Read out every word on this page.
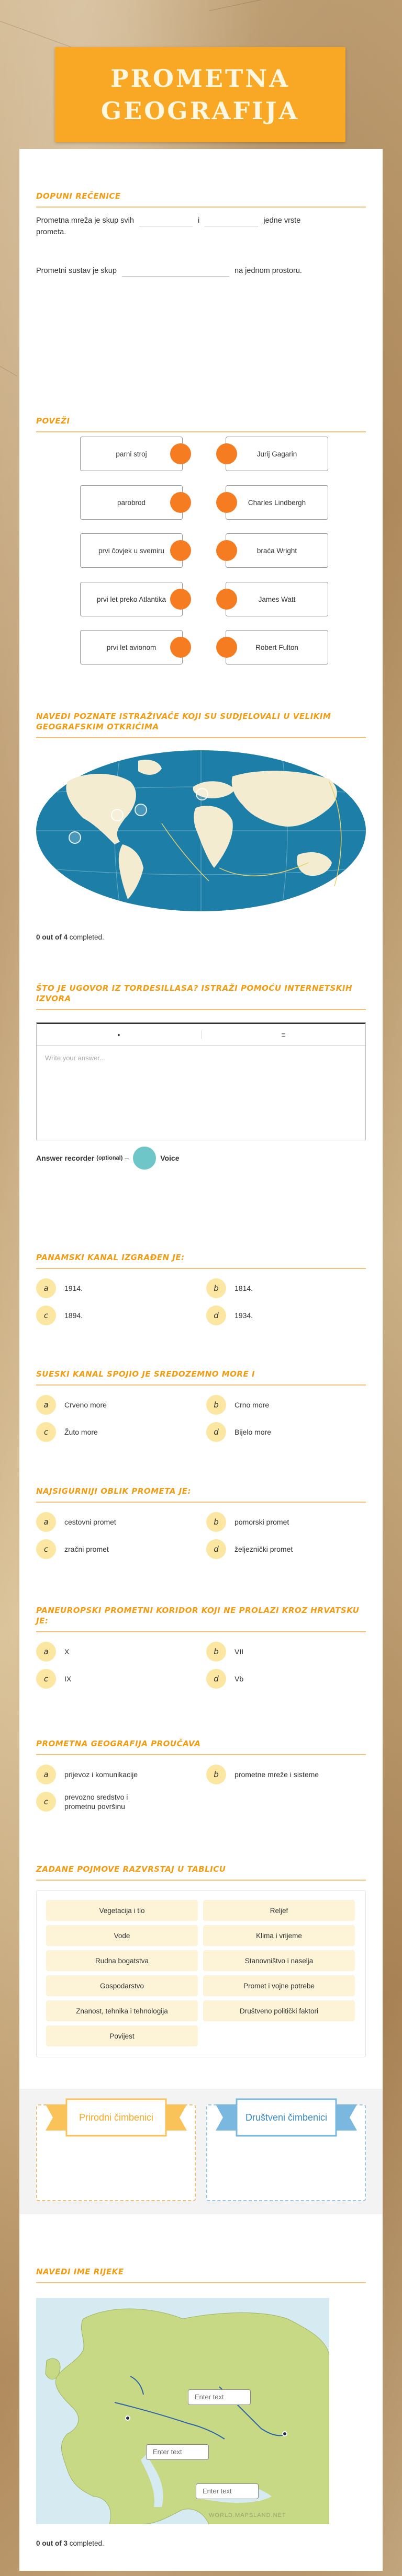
PROMETNA
GEOGRAFIJA
DOPUNI REČENICE
Prometna mreža je skup svih	i	jedne vrste
prometa.
Prometni sustav je skup	na jednom prostoru.
POVEŽI
parni stroj
parobrod
prvi čovjek u svemiru
prvi let preko Atlantika
prvi let avionom
Jurij Gagarin
Charles Lindbergh
braća Wright
James Watt
Robert Fulton
NAVEDI POZNATE ISTRAŽIVAČE KOJI SU SUDJELOVALI U VELIKIM GEOGRAFSKIM OTKRIĆIMA
0 out of 4 completed.
ŠTO JE UGOVOR IZ TORDESILLASA? ISTRAŽI POMOĆU INTERNETSKIH IZVORA
•	≡
Write your answer...
Answer recorder (optional) –	Voice
PANAMSKI KANAL IZGRAĐEN JE:
a	1914.	b	1814.
c	1894.	d	1934.
SUESKI KANAL SPOJIO JE SREDOZEMNO MORE I
a	Crveno more	b	Crno more
c	Žuto more	d	Bijelo more
NAJSIGURNIJI OBLIK PROMETA JE:
a	cestovni promet	b	pomorski promet
c	zračni promet	d	željeznički promet
PANEUROPSKI PROMETNI KORIDOR KOJI NE PROLAZI KROZ HRVATSKU JE:
a	X	b	VII
c	IX	d	Vb
PROMETNA GEOGRAFIJA PROUČAVA
a	prijevoz i komunikacije	b	prometne mreže i sisteme
c	prevozno sredstvo i prometnu površinu
ZADANE POJMOVE RAZVRSTAJ U TABLICU
Vegetacija i tlo	Reljef
Vode	Klima i vrijeme
Rudna bogatstva	Stanovništvo i naselja
Gospodarstvo	Promet i vojne potrebe
Znanost, tehnika i tehnologija	Društveno politički faktori
Povijest
Prirodni čimbenici	Društveni čimbenici
NAVEDI IME RIJEKE
Enter text
Enter text
Enter text
WORLD.MAPSLAND.NET
0 out of 3 completed.
